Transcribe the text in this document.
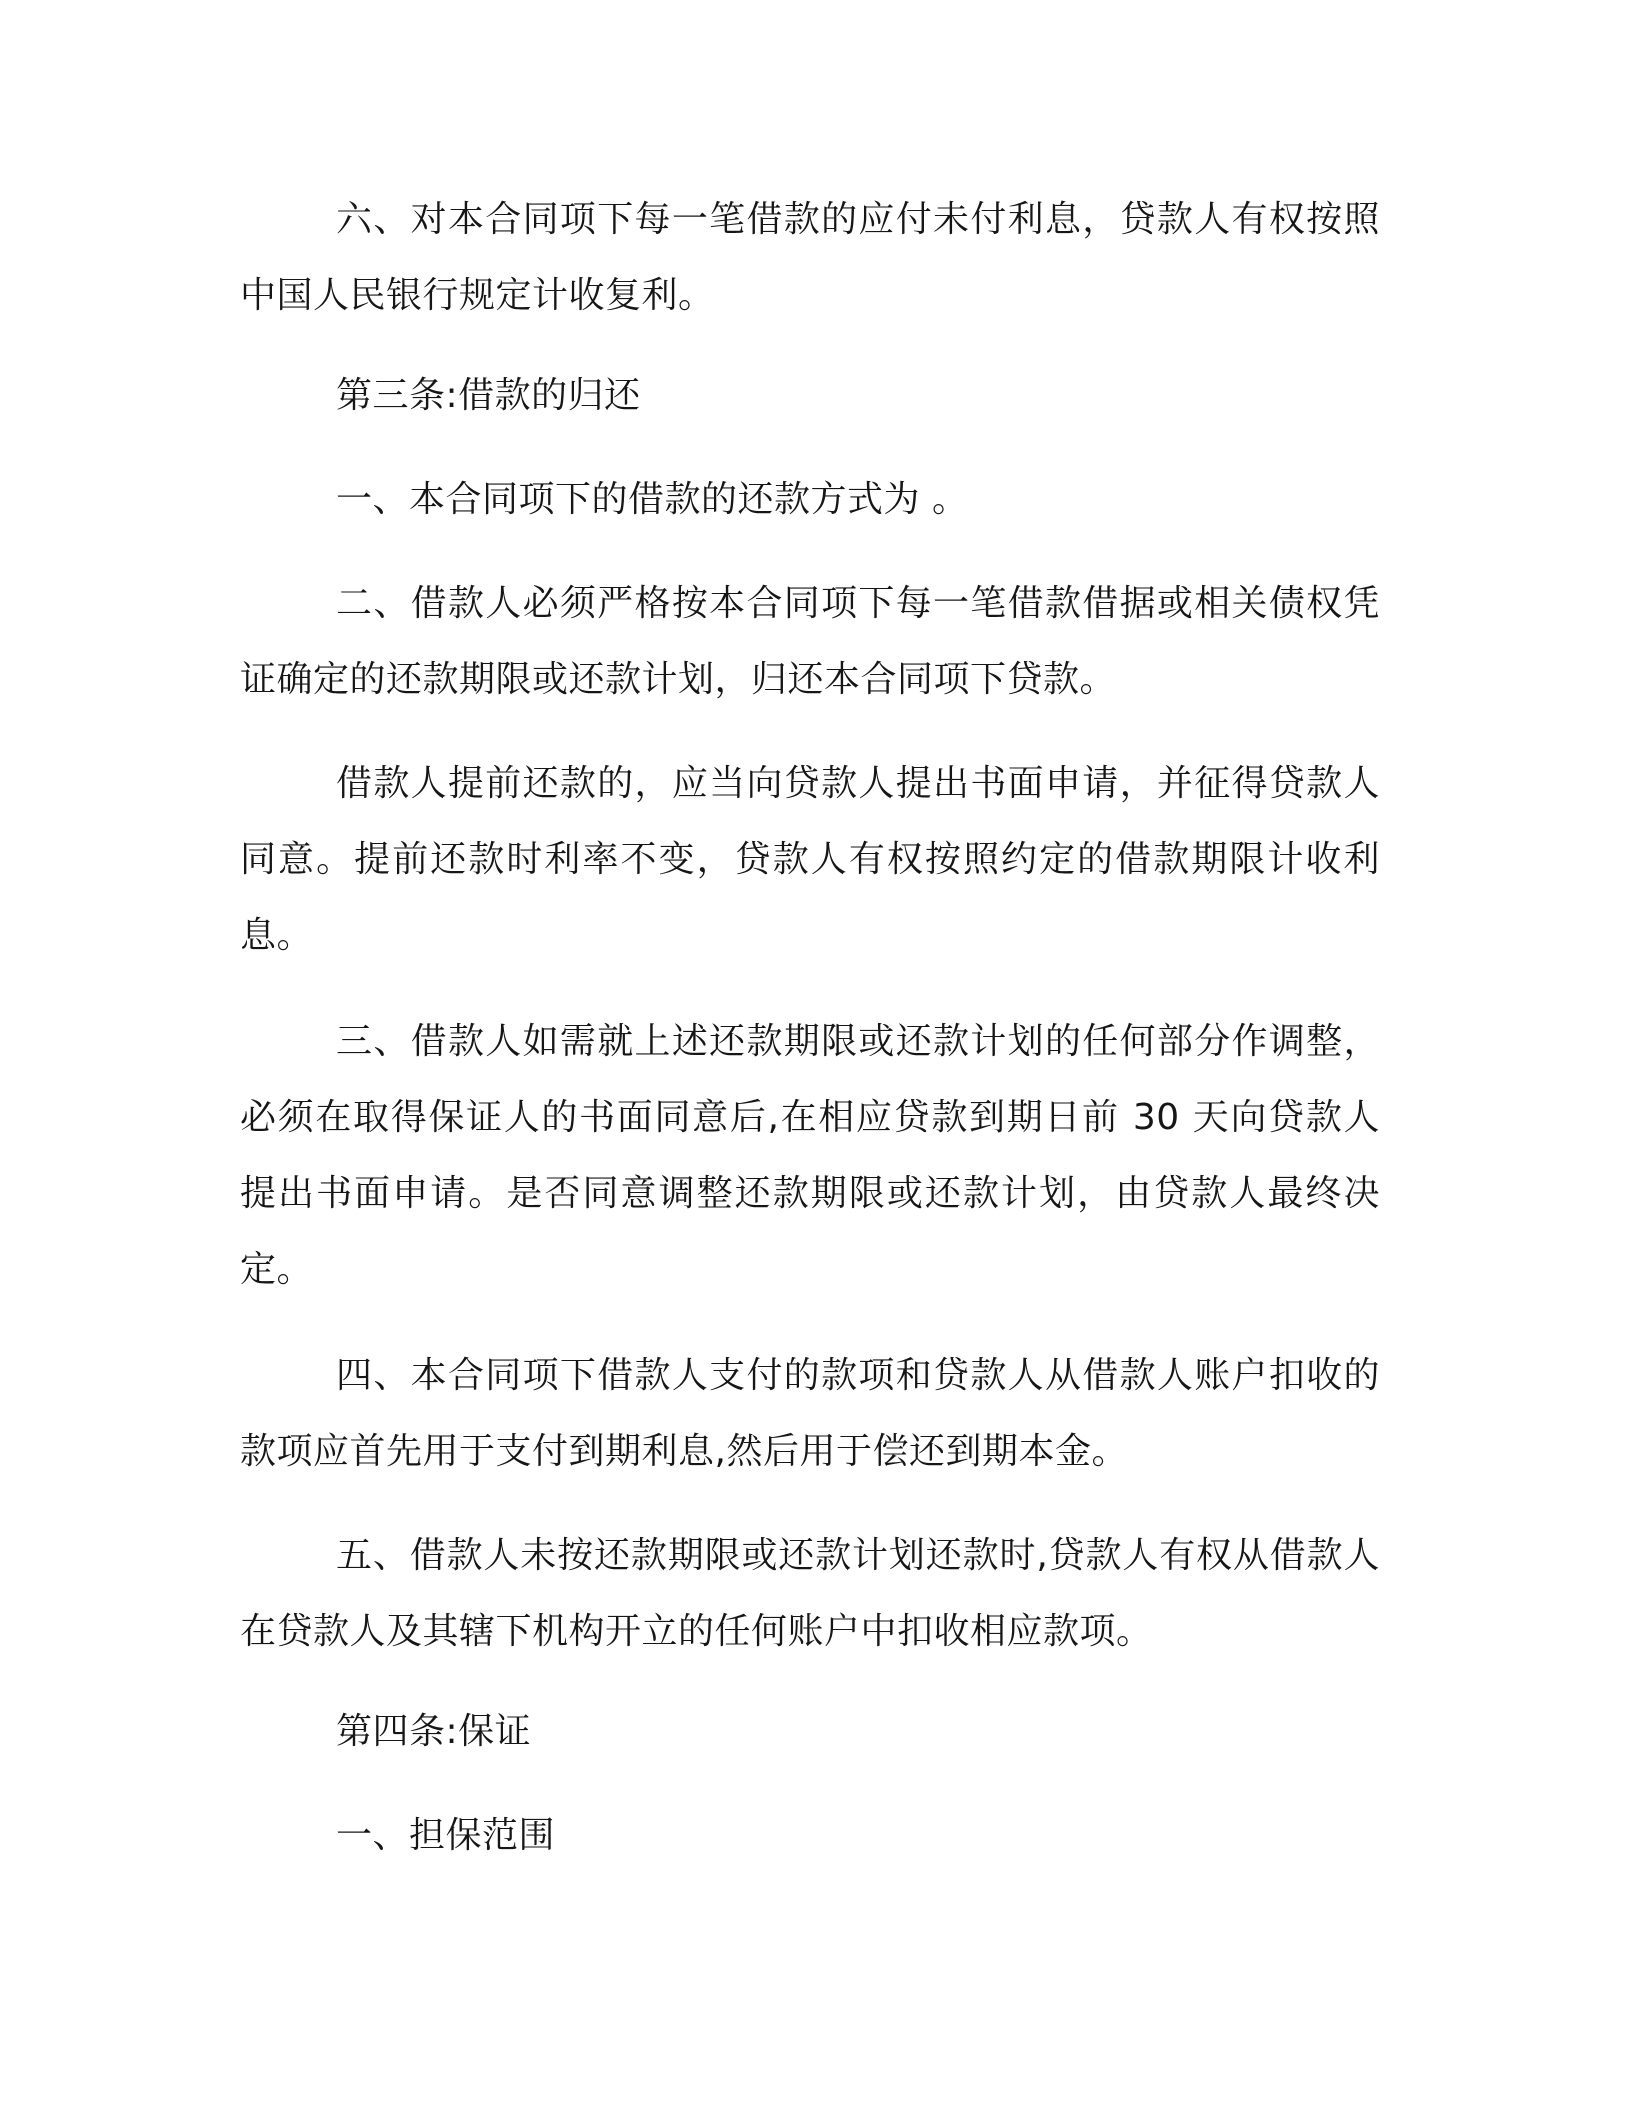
六、对本合同项下每一笔借款的应付未付利息，贷款人有权按照中国人民银行规定计收复利。

第三条:借款的归还

一、本合同项下的借款的还款方式为 。

二、借款人必须严格按本合同项下每一笔借款借据或相关债权凭证确定的还款期限或还款计划，归还本合同项下贷款。

借款人提前还款的，应当向贷款人提出书面申请，并征得贷款人同意。提前还款时利率不变，贷款人有权按照约定的借款期限计收利息。

三、借款人如需就上述还款期限或还款计划的任何部分作调整，必须在取得保证人的书面同意后,在相应贷款到期日前 30 天向贷款人提出书面申请。是否同意调整还款期限或还款计划，由贷款人最终决定。

四、本合同项下借款人支付的款项和贷款人从借款人账户扣收的款项应首先用于支付到期利息,然后用于偿还到期本金。

五、借款人未按还款期限或还款计划还款时,贷款人有权从借款人在贷款人及其辖下机构开立的任何账户中扣收相应款项。

第四条:保证

一、担保范围
